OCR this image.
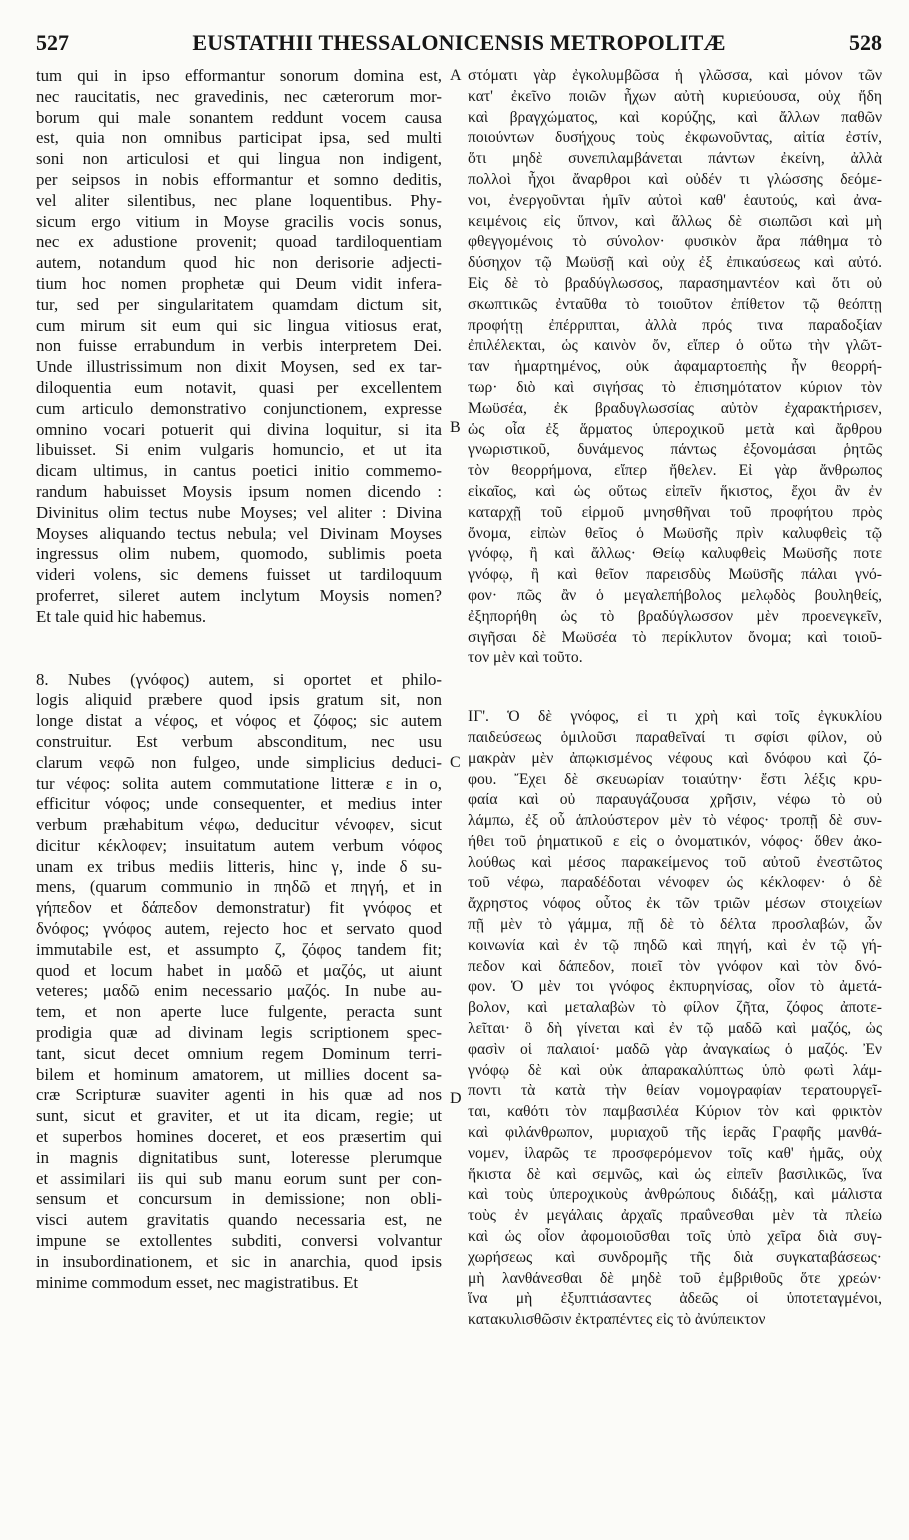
527	EUSTATHII THESSALONICENSIS METROPOLITÆ	528
A
B
C
D

tum qui in ipso efformantur sonorum domina est,

nec raucitatis, nec gravedinis, nec cæterorum mor-

borum qui male sonantem reddunt vocem causa

est, quia non omnibus participat ipsa, sed multi

soni non articulosi et qui lingua non indigent,

per seipsos in nobis efformantur et somno deditis,

vel aliter silentibus, nec plane loquentibus. Phy-

sicum ergo vitium in Moyse gracilis vocis sonus,

nec ex adustione provenit; quoad tardiloquentiam

autem, notandum quod hic non derisorie adjecti-

tium hoc nomen prophetæ qui Deum vidit infera-

tur, sed per singularitatem quamdam dictum sit,

cum mirum sit eum qui sic lingua vitiosus erat,

non fuisse errabundum in verbis interpretem Dei.

Unde illustrissimum non dixit Moysen, sed ex tar-

diloquentia eum notavit, quasi per excellentem

cum articulo demonstrativo conjunctionem, expresse

omnino vocari potuerit qui divina loquitur, si ita

libuisset. Si enim vulgaris homuncio, et ut ita

dicam ultimus, in cantus poetici initio commemo-

randum habuisset Moysis ipsum nomen dicendo :

Divinitus olim tectus nube Moyses; vel aliter : Divina

Moyses aliquando tectus nebula; vel Divinam Moyses

ingressus olim nubem, quomodo, sublimis poeta

videri volens, sic demens fuisset ut tardiloquum

proferret, sileret autem inclytum Moysis nomen?

Et tale quid hic habemus.

8. Nubes (γνόφος) autem, si oportet et philo-

logis aliquid præbere quod ipsis gratum sit, non

longe distat a νέφος, et νόφος et ζόφος; sic autem

construitur. Est verbum absconditum, nec usu

clarum νεφῶ non fulgeo, unde simplicius deduci-

tur νέφος: solita autem commutatione litteræ ε in ο,

efficitur νόφος; unde consequenter, et medius inter

verbum præhabitum νέφω, deducitur νένοφεν, sicut

dicitur κέκλοφεν; insuitatum autem verbum νόφος

unam ex tribus mediis litteris, hinc γ, inde δ su-

mens, (quarum communio in πηδῶ et πηγή, et in

γήπεδον et δάπεδον demonstratur) fit γνόφος et

δνόφος; γνόφος autem, rejecto hoc et servato quod

immutabile est, et assumpto ζ, ζόφος tandem fit;

quod et locum habet in μαδῶ et μαζός, ut aiunt

veteres; μαδῶ enim necessario μαζός. In nube au-

tem, et non aperte luce fulgente, peracta sunt

prodigia quæ ad divinam legis scriptionem spec-

tant, sicut decet omnium regem Dominum terri-

bilem et hominum amatorem, ut millies docent sa-

cræ Scripturæ suaviter agenti in his quæ ad nos

sunt, sicut et graviter, et ut ita dicam, regie; ut

et superbos homines doceret, et eos præsertim qui

in magnis dignitatibus sunt, loteresse plerumque

et assimilari iis qui sub manu eorum sunt per con-

sensum et concursum in demissione; non obli-

visci autem gravitatis quando necessaria est, ne

impune se extollentes subditi, conversi volvantur

in insubordinationem, et sic in anarchia, quod ipsis

minime commodum esset, nec magistratibus. Et

στόματι γὰρ ἐγκολυμβῶσα ἡ γλῶσσα, καὶ μόνον τῶν

κατ' ἐκεῖνο ποιῶν ἦχων αὐτὴ κυριεύουσα, οὐχ ἤδη

καὶ βραγχώματος, καὶ κορύζης, καὶ ἄλλων παθῶν

ποιούντων δυσήχους τοὺς ἐκφωνοῦντας, αἰτία ἐστίν,

ὅτι μηδὲ συνεπιλαμβάνεται πάντων ἐκείνη, ἀλλὰ

πολλοὶ ἦχοι ἄναρθροι καὶ οὐδέν τι γλώσσης δεόμε-

νοι, ἐνεργοῦνται ἡμῖν αὐτοὶ καθ' ἑαυτούς, καὶ ἀνα-

κειμένοις εἰς ὕπνον, καὶ ἄλλως δὲ σιωπῶσι καὶ μὴ

φθεγγομένοις τὸ σύνολον· φυσικὸν ἄρα πάθημα τὸ

δύσηχον τῷ Μωϋσῇ καὶ οὐχ ἐξ ἐπικαύσεως καὶ αὐτό.

Εἰς δὲ τὸ βραδύγλωσσος, παρασημαντέον καὶ ὅτι οὐ

σκωπτικῶς ἐνταῦθα τὸ τοιοῦτον ἐπίθετον τῷ θεόπτῃ

προφήτῃ ἐπέρριπται, ἀλλὰ πρός τινα παραδοξίαν

ἐπιλέλεκται, ὡς καινὸν ὄν, εἴπερ ὁ οὕτω τὴν γλῶτ-

ταν ἡμαρτημένος, οὐκ ἀφαμαρτοεπὴς ἦν θεορρή-

τωρ· διὸ καὶ σιγήσας τὸ ἐπισημότατον κύριον τὸν

Μωϋσέα, ἐκ βραδυγλωσσίας αὐτὸν ἐχαρακτήρισεν,

ὡς οἷα ἐξ ἅρματος ὑπεροχικοῦ μετὰ καὶ ἄρθρου

γνωριστικοῦ, δυνάμενος πάντως ἐξονομάσαι ῥητῶς

τὸν θεορρήμονα, εἴπερ ἤθελεν. Εἰ γὰρ ἄνθρωπος

εἰκαῖος, καὶ ὡς οὕτως εἰπεῖν ἥκιστος, ἔχοι ἂν ἐν

καταρχῇ τοῦ εἱρμοῦ μνησθῆναι τοῦ προφήτου πρὸς

ὄνομα, εἰπὼν θεῖος ὁ Μωϋσῆς πρὶν καλυφθεὶς τῷ

γνόφῳ, ἢ καὶ ἄλλως· Θείῳ καλυφθεὶς Μωϋσῆς ποτε

γνόφῳ, ἢ καὶ θεῖον παρεισδὺς Μωϋσῆς πάλαι γνό-

φον· πῶς ἂν ὁ μεγαλεπήβολος μελῳδὸς βουληθείς,

ἐξηπορήθη ὡς τὸ βραδύγλωσσον μὲν προενεγκεῖν,

σιγῆσαι δὲ Μωϋσέα τὸ περίκλυτον ὄνομα; καὶ τοιοῦ-

τον μὲν καὶ τοῦτο.

ΙΓ'. Ὁ δὲ γνόφος, εἰ τι χρὴ καὶ τοῖς ἐγκυκλίου

παιδεύσεως ὁμιλοῦσι παραθεῖναί τι σφίσι φίλον, οὐ

μακρὰν μὲν ἀπῳκισμένος νέφους καὶ δνόφου καὶ ζό-

φου. Ἔχει δὲ σκευωρίαν τοιαύτην· ἔστι λέξις κρυ-

φαία καὶ οὐ παραυγάζουσα χρῆσιν, νέφω τὸ οὐ

λάμπω, ἐξ οὗ ἁπλούστερον μὲν τὸ νέφος· τροπῇ δὲ συν-

ήθει τοῦ ῥηματικοῦ ε εἰς ο ὀνοματικόν, νόφος· ὅθεν ἀκο-

λούθως καὶ μέσος παρακείμενος τοῦ αὐτοῦ ἐνεστῶτος

τοῦ νέφω, παραδέδοται νένοφεν ὡς κέκλοφεν· ὁ δὲ

ἄχρηστος νόφος οὗτος ἐκ τῶν τριῶν μέσων στοιχείων

πῇ μὲν τὸ γάμμα, πῇ δὲ τὸ δέλτα προσλαβών, ὧν

κοινωνία καὶ ἐν τῷ πηδῶ καὶ πηγή, καὶ ἐν τῷ γή-

πεδον καὶ δάπεδον, ποιεῖ τὸν γνόφον καὶ τὸν δνό-

φον. Ὁ μὲν τοι γνόφος ἐκπυρηνίσας, οἷον τὸ ἀμετά-

βολον, καὶ μεταλαβὼν τὸ φίλον ζῆτα, ζόφος ἀποτε-

λεῖται· ὃ δὴ γίνεται καὶ ἐν τῷ μαδῶ καὶ μαζός, ὡς

φασὶν οἱ παλαιοί· μαδῶ γὰρ ἀναγκαίως ὁ μαζός. Ἐν

γνόφῳ δὲ καὶ οὐκ ἀπαρακαλύπτως ὑπὸ φωτὶ λάμ-

ποντι τὰ κατὰ τὴν θείαν νομογραφίαν τερατουργεῖ-

ται, καθότι τὸν παμβασιλέα Κύριον τὸν καὶ φρικτὸν

καὶ φιλάνθρωπον, μυριαχοῦ τῆς ἱερᾶς Γραφῆς μανθά-

νομεν, ἱλαρῶς τε προσφερόμενον τοῖς καθ' ἡμᾶς, οὐχ

ἥκιστα δὲ καὶ σεμνῶς, καὶ ὡς εἰπεῖν βασιλικῶς, ἵνα

καὶ τοὺς ὑπεροχικοὺς ἀνθρώπους διδάξῃ, καὶ μάλιστα

τοὺς ἐν μεγάλαις ἀρχαῖς πραΰνεσθαι μὲν τὰ πλείω

καὶ ὡς οἷον ἀφομοιοῦσθαι τοῖς ὑπὸ χεῖρα διὰ συγ-

χωρήσεως καὶ συνδρομῆς τῆς διὰ συγκαταβάσεως·

μὴ λανθάνεσθαι δὲ μηδὲ τοῦ ἐμβριθοῦς ὅτε χρεών·

ἵνα μὴ ἐξυπτιάσαντες ἀδεῶς οἱ ὑποτεταγμένοι,

κατακυλισθῶσιν ἐκτραπέντες εἰς τὸ ἀνύπεικτον
